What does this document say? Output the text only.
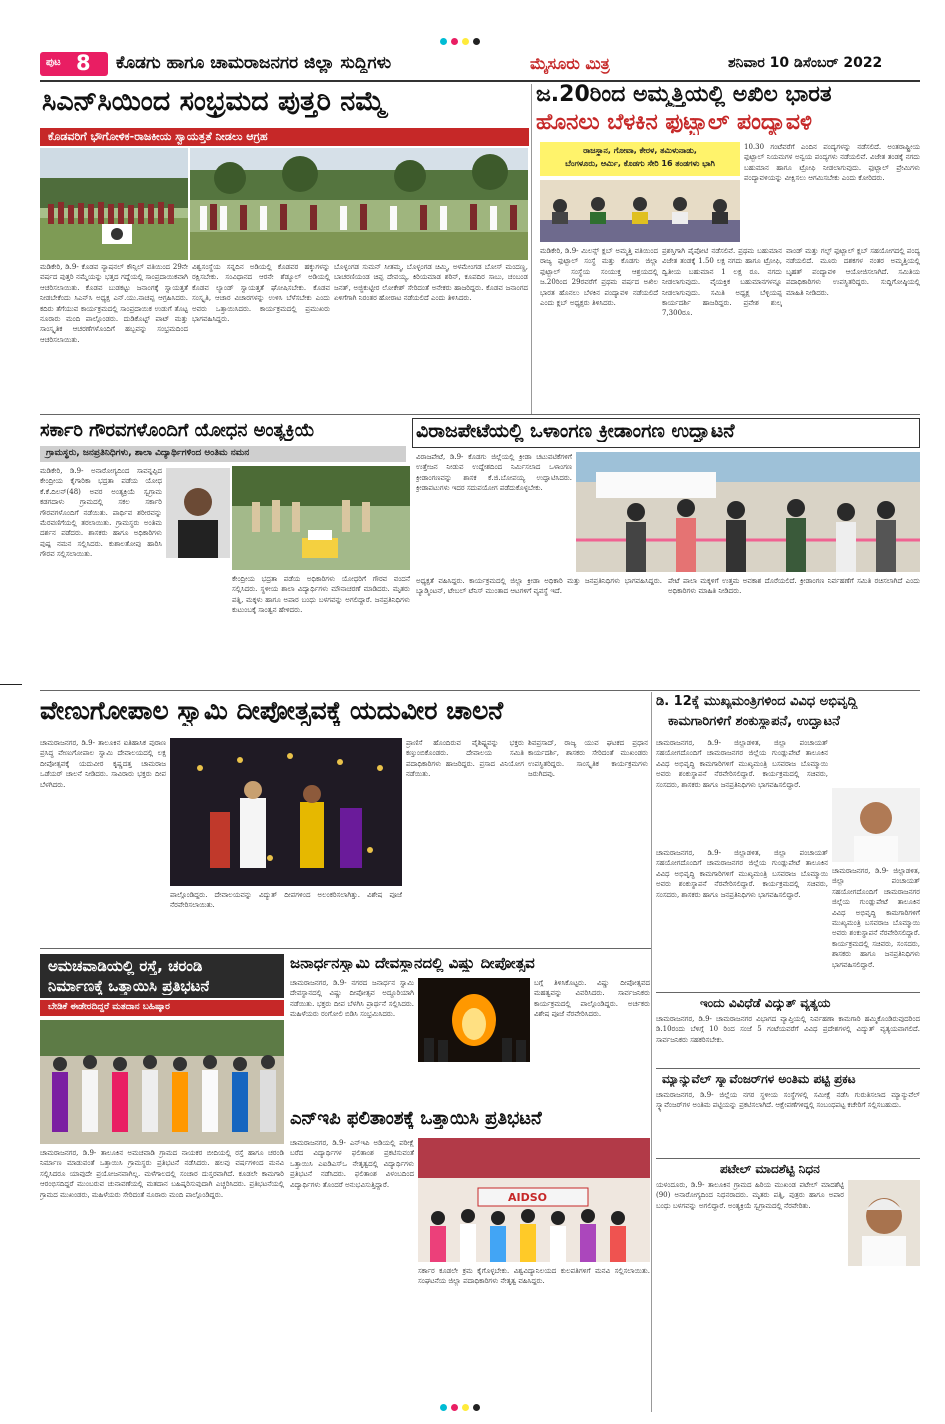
ಪುಟ 8 ಕೊಡಗು ಹಾಗೂ ಚಾಮರಾಜನಗರ ಜಿಲ್ಲಾ ಸುದ್ದಿಗಳು	ಮೈಸೂರು ಮಿತ್ರ	ಶನಿವಾರ 10 ಡಿಸೆಂಬರ್ 2022
ಸಿಎನ್‌ಸಿಯಿಂದ ಸಂಭ್ರಮದ ಪುತ್ತರಿ ನಮ್ಮೆ
ಕೊಡವರಿಗೆ ಭೌಗೋಳಿಕ-ರಾಜಕೀಯ ಸ್ವಾಯತ್ತತೆ ನೀಡಲು ಆಗ್ರಹ
ಮಡಿಕೇರಿ, ಡಿ.9- ಕೊಡವ ನ್ಯಾಷನಲ್ ಕೌನ್ಸಿಲ್ ವತಿಯಿಂದ 29ನೇ ವರ್ಷದ ಪುತ್ತರಿ ನಮ್ಮೆಯನ್ನು ಭತ್ತದ ಗದ್ದೆಯಲ್ಲಿ ಸಾಂಪ್ರದಾಯಿಕವಾಗಿ ಆಚರಿಸಲಾಯಿತು. ಕೊಡವ ಬುಡಕಟ್ಟು ಜನಾಂಗಕ್ಕೆ ಸ್ವಾಯತ್ತತೆ ನೀಡಬೇಕೆಂದು ಸಿಎನ್‌ಸಿ ಅಧ್ಯಕ್ಷ ಎನ್.ಯು.ನಾಚಪ್ಪ ಆಗ್ರಹಿಸಿದರು. ಕದಿರು ತೆಗೆಯುವ ಕಾರ್ಯಕ್ರಮದಲ್ಲಿ ಸಾಂಪ್ರದಾಯಿಕ ಉಡುಗೆ ತೊಟ್ಟ ನೂರಾರು ಮಂದಿ ಪಾಲ್ಗೊಂಡರು. ದುಡಿಕೊಟ್ಟ್ ಪಾಟ್ ಮತ್ತು ಸಾಂಸ್ಕೃತಿಕ ಆಚರಣೆಗಳೊಂದಿಗೆ ಹಬ್ಬವನ್ನು ಸಂಭ್ರಮದಿಂದ ಆಚರಿಸಲಾಯಿತು.
ವಿಶ್ವಸಂಸ್ಥೆಯ ಸನ್ನದಿನ ಅಡಿಯಲ್ಲಿ ಕೊಡವರ ಹಕ್ಕುಗಳನ್ನು ರಕ್ಷಿಸಬೇಕು. ಸಂವಿಧಾನದ ಆರನೇ ಶೆಡ್ಯೂಲ್ ಅಡಿಯಲ್ಲಿ ಕೊಡವ ಲ್ಯಾಂಡ್ ಸ್ವಾಯತ್ತತೆ ಘೋಷಿಸಬೇಕು. ಕೊಡವ ಸಂಸ್ಕೃತಿ, ಆಚಾರ ವಿಚಾರಗಳನ್ನು ಉಳಿಸಿ ಬೆಳೆಸಬೇಕು ಎಂದು ಅವರು ಒತ್ತಾಯಿಸಿದರು. ಕಾರ್ಯಕ್ರಮದಲ್ಲಿ ಪ್ರಮುಖರು ಭಾಗವಹಿಸಿದ್ದರು.
ಬೊಳ್ಳಂಗಡ ಸುಮನ್ ಸೀತಮ್ಮ, ಬೊಳ್ಳಂಗಡ ಚಿಮ್ಮಿ, ಅಳಮೇಂಗಡ ಬೋಸ್ ಮಂದಣ್ಣ, ಬಾಚರಣಿಯಂಡ ಚಿಪ್ಪ ದೇವಯ್ಯ, ಕಿರಿಯಮಾಡ ಶರಿನ್, ಕೂಪದಿರ ಸಾಬು, ಚಂಬಂಡ ಜನತ್, ಅಜ್ಜಿಕುಟ್ಟೀರ ಲೋಕೇಶ್ ಸೇರಿದಂತೆ ಅನೇಕರು ಹಾಜರಿದ್ದರು. ಕೊಡವ ಜನಾಂಗದ ಏಳಿಗೆಗಾಗಿ ನಿರಂತರ ಹೋರಾಟ ನಡೆಯಲಿದೆ ಎಂದು ತಿಳಿಸಿದರು.
ಜ.20ರಿಂದ ಅಮ್ಮತ್ತಿಯಲ್ಲಿ ಅಖಿಲ ಭಾರತ
ಹೊನಲು ಬೆಳಕಿನ ಫುಟ್ಬಾಲ್ ಪಂದ್ಯಾವಳಿ
ರಾಜಸ್ಥಾನ, ಗೋವಾ, ಕೇರಳ, ತಮಿಳುನಾಡು,
ಬೆಂಗಳೂರು, ಆರ್ಮಿ, ಕೊಡಗು ಸೇರಿ 16 ತಂಡಗಳು ಭಾಗಿ
10.30 ಗಂಟೆವರೆಗೆ ಎಂದಿನ ಪಂದ್ಯಗಳನ್ನು ನಡೆಸಲಿದೆ. ಅಂತರಾಷ್ಟ್ರೀಯ ಫುಟ್ಬಾಲ್ ನಿಯಮಗಳ ಅನ್ವಯ ಪಂದ್ಯಗಳು ನಡೆಯಲಿವೆ. ವಿಜೇತ ತಂಡಕ್ಕೆ ನಗದು ಬಹುಮಾನ ಹಾಗೂ ಟ್ರೋಫಿ ನೀಡಲಾಗುವುದು. ಫುಟ್ಬಾಲ್ ಪ್ರೇಮಿಗಳು ಪಂದ್ಯಾವಳಿಯನ್ನು ವೀಕ್ಷಿಸಲು ಆಗಮಿಸಬೇಕು ಎಂದು ಕೋರಿದರು.
ಮಡಿಕೇರಿ, ಡಿ.9- ಮಿಲನ್ಸ್ ಕ್ಲಬ್ ಅಮ್ಮತ್ತಿ ವತಿಯಿಂದ ರಾಜ್ಯ ಫುಟ್ಬಾಲ್ ಸಂಸ್ಥೆ ಮತ್ತು ಕೊಡಗು ಜಿಲ್ಲಾ ಫುಟ್ಬಾಲ್ ಸಂಸ್ಥೆಯ ಸಂಯುಕ್ತ ಆಶ್ರಯದಲ್ಲಿ ಜ.20ರಿಂದ 29ರವರೆಗೆ ಪ್ರಥಮ ವರ್ಷದ ಅಖಿಲ ಭಾರತ ಹೊನಲು ಬೆಳಕಿನ ಪಂದ್ಯಾವಳಿ ನಡೆಯಲಿದೆ ಎಂದು ಕ್ಲಬ್ ಅಧ್ಯಕ್ಷರು ತಿಳಿಸಿದರು.
ಪ್ರಶಸ್ತಿಗಾಗಿ ಪೈಪೋಟಿ ನಡೆಸಲಿವೆ. ಪ್ರಥಮ ಬಹುಮಾನ ವಿಜೇತ ತಂಡಕ್ಕೆ 1.50 ಲಕ್ಷ ನಗದು ಹಾಗೂ ಟ್ರೋಫಿ, ದ್ವಿತೀಯ ಬಹುಮಾನ 1 ಲಕ್ಷ ರೂ. ನಗದು ನೀಡಲಾಗುವುದು. ವೈಯಕ್ತಿಕ ಬಹುಮಾನಗಳನ್ನೂ ನೀಡಲಾಗುವುದು. ಸಮಿತಿ ಅಧ್ಯಕ್ಷ ಬೆಳ್ಳಿಯಪ್ಪ ಕಾರ್ಯದರ್ಶಿ ಹಾಜರಿದ್ದರು. ಪ್ರವೇಶ ಶುಲ್ಕ 7,300ರೂ.
ವಾಂಡ್ ಮತ್ತು ಗಲ್ಫ್ ಫುಟ್ಬಾಲ್ ಕ್ಲಬ್ ಸಹಯೋಗದಲ್ಲಿ ಪಂದ್ಯ ನಡೆಯಲಿದೆ. ಮೂರು ದಶಕಗಳ ನಂತರ ಅಮ್ಮತ್ತಿಯಲ್ಲಿ ಬೃಹತ್ ಪಂದ್ಯಾವಳಿ ಆಯೋಜಿಸಲಾಗಿದೆ. ಸಮಿತಿಯ ಪದಾಧಿಕಾರಿಗಳು ಉಪಸ್ಥಿತರಿದ್ದರು. ಸುದ್ದಿಗೋಷ್ಠಿಯಲ್ಲಿ ಮಾಹಿತಿ ನೀಡಿದರು.
ಸರ್ಕಾರಿ ಗೌರವಗಳೊಂದಿಗೆ ಯೋಧನ ಅಂತ್ಯಕ್ರಿಯೆ
ಗ್ರಾಮಸ್ಥರು, ಜನಪ್ರತಿನಿಧಿಗಳು, ಶಾಲಾ ವಿದ್ಯಾರ್ಥಿಗಳಿಂದ ಅಂತಿಮ ನಮನ
ಮಡಿಕೇರಿ, ಡಿ.9- ಅನಾರೋಗ್ಯದಿಂದ ಸಾವನ್ನಪ್ಪಿದ ಕೇಂದ್ರೀಯ ಕೈಗಾರಿಕಾ ಭದ್ರತಾ ಪಡೆಯ ಯೋಧ ಕೆ.ಕೆ.ದಿಲನ್(48) ಅವರ ಅಂತ್ಯಕ್ರಿಯೆ ಸ್ವಗ್ರಾಮ ಕಡಗದಾಳು ಗ್ರಾಮದಲ್ಲಿ ಸಕಲ ಸರ್ಕಾರಿ ಗೌರವಗಳೊಂದಿಗೆ ನಡೆಯಿತು. ಪಾರ್ಥಿವ ಶರೀರವನ್ನು ಮೆರವಣಿಗೆಯಲ್ಲಿ ತರಲಾಯಿತು. ಗ್ರಾಮಸ್ಥರು ಅಂತಿಮ ದರ್ಶನ ಪಡೆದರು. ಶಾಸಕರು ಹಾಗೂ ಅಧಿಕಾರಿಗಳು ಪುಷ್ಪ ನಮನ ಸಲ್ಲಿಸಿದರು. ಕುಶಾಲತೋಪು ಹಾರಿಸಿ ಗೌರವ ಸಲ್ಲಿಸಲಾಯಿತು.
ಕೇಂದ್ರೀಯ ಭದ್ರತಾ ಪಡೆಯ ಅಧಿಕಾರಿಗಳು ಯೋಧರಿಗೆ ಗೌರವ ವಂದನೆ ಸಲ್ಲಿಸಿದರು. ಸ್ಥಳೀಯ ಶಾಲಾ ವಿದ್ಯಾರ್ಥಿಗಳು ಮೌನಾಚರಣೆ ಮಾಡಿದರು. ಮೃತರು ಪತ್ನಿ, ಮಕ್ಕಳು ಹಾಗೂ ಅಪಾರ ಬಂಧು ಬಳಗವನ್ನು ಅಗಲಿದ್ದಾರೆ. ಜನಪ್ರತಿನಿಧಿಗಳು ಕುಟುಂಬಕ್ಕೆ ಸಾಂತ್ವನ ಹೇಳಿದರು.
ವಿರಾಜಪೇಟೆಯಲ್ಲಿ ಒಳಾಂಗಣ ಕ್ರೀಡಾಂಗಣ ಉದ್ಘಾಟನೆ
ವಿರಾಜಪೇಟೆ, ಡಿ.9- ಕೊಡಗು ಜಿಲ್ಲೆಯಲ್ಲಿ ಕ್ರೀಡಾ ಚಟುವಟಿಕೆಗಳಿಗೆ ಉತ್ತೇಜನ ನೀಡುವ ಉದ್ದೇಶದಿಂದ ನಿರ್ಮಿಸಲಾದ ಒಳಾಂಗಣ ಕ್ರೀಡಾಂಗಣವನ್ನು ಶಾಸಕ ಕೆ.ಜಿ.ಬೋಪಯ್ಯ ಉದ್ಘಾಟಿಸಿದರು. ಕ್ರೀಡಾಪಟುಗಳು ಇದರ ಸದುಪಯೋಗ ಪಡೆದುಕೊಳ್ಳಬೇಕು.
ಅಧ್ಯಕ್ಷತೆ ವಹಿಸಿದ್ದರು. ಕಾರ್ಯಕ್ರಮದಲ್ಲಿ ಜಿಲ್ಲಾ ಕ್ರೀಡಾ ಅಧಿಕಾರಿ ಮತ್ತು ಜನಪ್ರತಿನಿಧಿಗಳು ಭಾಗವಹಿಸಿದ್ದರು. ಬ್ಯಾಡ್ಮಿಂಟನ್, ಟೇಬಲ್ ಟೆನಿಸ್ ಮುಂತಾದ ಆಟಗಳಿಗೆ ವ್ಯವಸ್ಥೆ ಇದೆ.
ಪೇಟೆ ಪಾಲಾ ಮಕ್ಕಳಿಗೆ ಉತ್ತಮ ಅವಕಾಶ ದೊರೆಯಲಿದೆ. ಕ್ರೀಡಾಂಗಣ ನಿರ್ವಹಣೆಗೆ ಸಮಿತಿ ರಚಿಸಲಾಗಿದೆ ಎಂದು ಅಧಿಕಾರಿಗಳು ಮಾಹಿತಿ ನೀಡಿದರು.
ವೇಣುಗೋಪಾಲ ಸ್ವಾಮಿ ದೀಪೋತ್ಸವಕ್ಕೆ ಯದುವೀರ ಚಾಲನೆ
ಚಾಮರಾಜನಗರ, ಡಿ.9- ತಾಲೂಕಿನ ಐತಿಹಾಸಿಕ ಪುರಾಣ ಪ್ರಸಿದ್ಧ ವೇಣುಗೋಪಾಲ ಸ್ವಾಮಿ ದೇವಾಲಯದಲ್ಲಿ ಲಕ್ಷ ದೀಪೋತ್ಸವಕ್ಕೆ ಯದುವೀರ ಕೃಷ್ಣದತ್ತ ಚಾಮರಾಜ ಒಡೆಯರ್ ಚಾಲನೆ ನೀಡಿದರು. ಸಾವಿರಾರು ಭಕ್ತರು ದೀಪ ಬೆಳಗಿದರು.
ಪಾಲ್ಗೊಂಡಿದ್ದರು. ದೇವಾಲಯವನ್ನು ವಿದ್ಯುತ್ ದೀಪಗಳಿಂದ ಅಲಂಕರಿಸಲಾಗಿತ್ತು. ವಿಶೇಷ ಪೂಜೆ ನೆರವೇರಿಸಲಾಯಿತು.
ಪ್ರಾಣಿಸೆ ಹೊಂದಿರುವ ವೈಶಿಷ್ಟ್ಯವನ್ನು ಭಕ್ತರು ಕಣ್ತುಂಬಿಕೊಂಡರು. ದೇವಾಲಯ ಸಮಿತಿ ಪದಾಧಿಕಾರಿಗಳು ಹಾಜರಿದ್ದರು. ಪ್ರಸಾದ ವಿನಿಯೋಗ ನಡೆಯಿತು.
ಶಿವಪ್ರಸಾದ್, ರಾಜ್ಯ ಯುವ ಘಟಕದ ಪ್ರಧಾನ ಕಾರ್ಯದರ್ಶಿ, ಶಾಸಕರು ಸೇರಿದಂತೆ ಮುಖಂಡರು ಉಪಸ್ಥಿತರಿದ್ದರು. ಸಾಂಸ್ಕೃತಿಕ ಕಾರ್ಯಕ್ರಮಗಳು ಜರುಗಿದವು.
ಡಿ. 12ಕ್ಕೆ ಮುಖ್ಯಮಂತ್ರಿಗಳಿಂದ ವಿವಿಧ ಅಭಿವೃದ್ಧಿ
ಕಾಮಗಾರಿಗಳಿಗೆ ಶಂಕುಸ್ಥಾಪನೆ, ಉದ್ಘಾಟನೆ
ಚಾಮರಾಜನಗರ, ಡಿ.9- ಜಿಲ್ಲಾಡಳಿತ, ಜಿಲ್ಲಾ ಪಂಚಾಯತ್ ಸಹಯೋಗದೊಂದಿಗೆ ಚಾಮರಾಜನಗರ ಜಿಲ್ಲೆಯ ಗುಂಡ್ಲುಪೇಟೆ ತಾಲೂಕಿನ ವಿವಿಧ ಅಭಿವೃದ್ಧಿ ಕಾಮಗಾರಿಗಳಿಗೆ ಮುಖ್ಯಮಂತ್ರಿ ಬಸವರಾಜ ಬೊಮ್ಮಾಯಿ ಅವರು ಶಂಕುಸ್ಥಾಪನೆ ನೆರವೇರಿಸಲಿದ್ದಾರೆ. ಕಾರ್ಯಕ್ರಮದಲ್ಲಿ ಸಚಿವರು, ಸಂಸದರು, ಶಾಸಕರು ಹಾಗೂ ಜನಪ್ರತಿನಿಧಿಗಳು ಭಾಗವಹಿಸಲಿದ್ದಾರೆ.
ಚಾಮರಾಜನಗರ, ಡಿ.9- ಜಿಲ್ಲಾಡಳಿತ, ಜಿಲ್ಲಾ ಪಂಚಾಯತ್ ಸಹಯೋಗದೊಂದಿಗೆ ಚಾಮರಾಜನಗರ ಜಿಲ್ಲೆಯ ಗುಂಡ್ಲುಪೇಟೆ ತಾಲೂಕಿನ ವಿವಿಧ ಅಭಿವೃದ್ಧಿ ಕಾಮಗಾರಿಗಳಿಗೆ ಮುಖ್ಯಮಂತ್ರಿ ಬಸವರಾಜ ಬೊಮ್ಮಾಯಿ ಅವರು ಶಂಕುಸ್ಥಾಪನೆ ನೆರವೇರಿಸಲಿದ್ದಾರೆ. ಕಾರ್ಯಕ್ರಮದಲ್ಲಿ ಸಚಿವರು, ಸಂಸದರು, ಶಾಸಕರು ಹಾಗೂ ಜನಪ್ರತಿನಿಧಿಗಳು ಭಾಗವಹಿಸಲಿದ್ದಾರೆ.
ಚಾಮರಾಜನಗರ, ಡಿ.9- ಜಿಲ್ಲಾಡಳಿತ, ಜಿಲ್ಲಾ ಪಂಚಾಯತ್ ಸಹಯೋಗದೊಂದಿಗೆ ಚಾಮರಾಜನಗರ ಜಿಲ್ಲೆಯ ಗುಂಡ್ಲುಪೇಟೆ ತಾಲೂಕಿನ ವಿವಿಧ ಅಭಿವೃದ್ಧಿ ಕಾಮಗಾರಿಗಳಿಗೆ ಮುಖ್ಯಮಂತ್ರಿ ಬಸವರಾಜ ಬೊಮ್ಮಾಯಿ ಅವರು ಶಂಕುಸ್ಥಾಪನೆ ನೆರವೇರಿಸಲಿದ್ದಾರೆ. ಕಾರ್ಯಕ್ರಮದಲ್ಲಿ ಸಚಿವರು, ಸಂಸದರು, ಶಾಸಕರು ಹಾಗೂ ಜನಪ್ರತಿನಿಧಿಗಳು ಭಾಗವಹಿಸಲಿದ್ದಾರೆ.
ಅಮಚವಾಡಿಯಲ್ಲಿ ರಸ್ತೆ, ಚರಂಡಿ
ನಿರ್ಮಾಣಕ್ಕೆ ಒತ್ತಾಯಿಸಿ ಪ್ರತಿಭಟನೆ
ಬೇಡಿಕೆ ಈಡೇರದಿದ್ದರೆ ಮತದಾನ ಬಹಿಷ್ಕಾರ
ಚಾಮರಾಜನಗರ, ಡಿ.9- ತಾಲೂಕಿನ ಅಮಚವಾಡಿ ಗ್ರಾಮದ ನಾಯಕರ ಬೀದಿಯಲ್ಲಿ ರಸ್ತೆ ಹಾಗೂ ಚರಂಡಿ ನಿರ್ಮಾಣ ಮಾಡುವಂತೆ ಒತ್ತಾಯಿಸಿ ಗ್ರಾಮಸ್ಥರು ಪ್ರತಿಭಟನೆ ನಡೆಸಿದರು. ಹಲವು ವರ್ಷಗಳಿಂದ ಮನವಿ ಸಲ್ಲಿಸಿದರೂ ಯಾವುದೇ ಪ್ರಯೋಜನವಾಗಿಲ್ಲ. ಮಳೆಗಾಲದಲ್ಲಿ ಸಂಚಾರ ದುಸ್ತರವಾಗಿದೆ. ಕೂಡಲೇ ಕಾಮಗಾರಿ ಆರಂಭಿಸದಿದ್ದರೆ ಮುಂಬರುವ ಚುನಾವಣೆಯಲ್ಲಿ ಮತದಾನ ಬಹಿಷ್ಕರಿಸುವುದಾಗಿ ಎಚ್ಚರಿಸಿದರು. ಪ್ರತಿಭಟನೆಯಲ್ಲಿ ಗ್ರಾಮದ ಮುಖಂಡರು, ಮಹಿಳೆಯರು ಸೇರಿದಂತೆ ನೂರಾರು ಮಂದಿ ಪಾಲ್ಗೊಂಡಿದ್ದರು.
ಜನಾರ್ಧನಸ್ವಾಮಿ ದೇವಸ್ಥಾನದಲ್ಲಿ ವಿಷ್ಣು ದೀಪೋತ್ಸವ
ಚಾಮರಾಜನಗರ, ಡಿ.9- ನಗರದ ಜನಾರ್ಧನ ಸ್ವಾಮಿ ದೇವಸ್ಥಾನದಲ್ಲಿ ವಿಷ್ಣು ದೀಪೋತ್ಸವ ಅದ್ದೂರಿಯಾಗಿ ನಡೆಯಿತು. ಭಕ್ತರು ದೀಪ ಬೆಳಗಿಸಿ ಪ್ರಾರ್ಥನೆ ಸಲ್ಲಿಸಿದರು. ಮಹಿಳೆಯರು ರಂಗೋಲಿ ಬಿಡಿಸಿ ಸಂಭ್ರಮಿಸಿದರು.
ಬಗ್ಗೆ ತಿಳಿಸಿಕೊಟ್ಟರು. ವಿಷ್ಣು ದೀಪೋತ್ಸವದ ಮಹತ್ವವನ್ನು ವಿವರಿಸಿದರು. ಸಾರ್ವಜನಿಕರು ಕಾರ್ಯಕ್ರಮದಲ್ಲಿ ಪಾಲ್ಗೊಂಡಿದ್ದರು. ಅರ್ಚಕರು ವಿಶೇಷ ಪೂಜೆ ನೆರವೇರಿಸಿದರು.
ಎನ್‌ಇಪಿ ಫಲಿತಾಂಶಕ್ಕೆ ಒತ್ತಾಯಿಸಿ ಪ್ರತಿಭಟನೆ
ಚಾಮರಾಜನಗರ, ಡಿ.9- ಎನ್‌ಇಪಿ ಅಡಿಯಲ್ಲಿ ಪರೀಕ್ಷೆ ಬರೆದ ವಿದ್ಯಾರ್ಥಿಗಳ ಫಲಿತಾಂಶ ಪ್ರಕಟಿಸುವಂತೆ ಒತ್ತಾಯಿಸಿ ಎಐಡಿಎಸ್‌ಒ ನೇತೃತ್ವದಲ್ಲಿ ವಿದ್ಯಾರ್ಥಿಗಳು ಪ್ರತಿಭಟನೆ ನಡೆಸಿದರು. ಫಲಿತಾಂಶ ವಿಳಂಬದಿಂದ ವಿದ್ಯಾರ್ಥಿಗಳು ತೊಂದರೆ ಅನುಭವಿಸುತ್ತಿದ್ದಾರೆ.
AIDSO
ಸರ್ಕಾರ ಕೂಡಲೇ ಕ್ರಮ ಕೈಗೊಳ್ಳಬೇಕು. ವಿಶ್ವವಿದ್ಯಾನಿಲಯದ ಕುಲಪತಿಗಳಿಗೆ ಮನವಿ ಸಲ್ಲಿಸಲಾಯಿತು. ಸಂಘಟನೆಯ ಜಿಲ್ಲಾ ಪದಾಧಿಕಾರಿಗಳು ನೇತೃತ್ವ ವಹಿಸಿದ್ದರು.
ಇಂದು ವಿವಿಧೆಡೆ ವಿದ್ಯುತ್ ವ್ಯತ್ಯಯ
ಚಾಮರಾಜನಗರ, ಡಿ.9- ಚಾಮರಾಜನಗರ ವಿಭಾಗದ ವ್ಯಾಪ್ತಿಯಲ್ಲಿ ನಿರ್ವಹಣಾ ಕಾಮಗಾರಿ ಹಮ್ಮಿಕೊಂಡಿರುವುದರಿಂದ ಡಿ.10ರಂದು ಬೆಳಿಗ್ಗೆ 10 ರಿಂದ ಸಂಜೆ 5 ಗಂಟೆಯವರೆಗೆ ವಿವಿಧ ಪ್ರದೇಶಗಳಲ್ಲಿ ವಿದ್ಯುತ್ ವ್ಯತ್ಯಯವಾಗಲಿದೆ. ಸಾರ್ವಜನಿಕರು ಸಹಕರಿಸಬೇಕು.
ಮ್ಯಾನ್ಯುವೆಲ್ ಸ್ಕ್ಯಾವೆಂಜರ್‌ಗಳ ಅಂತಿಮ ಪಟ್ಟಿ ಪ್ರಕಟ
ಚಾಮರಾಜನಗರ, ಡಿ.9- ಜಿಲ್ಲೆಯ ನಗರ ಸ್ಥಳೀಯ ಸಂಸ್ಥೆಗಳಲ್ಲಿ ಸಮೀಕ್ಷೆ ನಡೆಸಿ ಗುರುತಿಸಲಾದ ಮ್ಯಾನ್ಯುವೆಲ್ ಸ್ಕ್ಯಾವೆಂಜರ್‌ಗಳ ಅಂತಿಮ ಪಟ್ಟಿಯನ್ನು ಪ್ರಕಟಿಸಲಾಗಿದೆ. ಆಕ್ಷೇಪಣೆಗಳಿದ್ದಲ್ಲಿ ಸಂಬಂಧಪಟ್ಟ ಕಚೇರಿಗೆ ಸಲ್ಲಿಸಬಹುದು.
ಪಟೇಲ್ ಮಾದಶೆಟ್ಟಿ ನಿಧನ
ಯಳಂದೂರು, ಡಿ.9- ತಾಲೂಕಿನ ಗ್ರಾಮದ ಹಿರಿಯ ಮುಖಂಡ ಪಟೇಲ್ ಮಾದಶೆಟ್ಟಿ (90) ಅನಾರೋಗ್ಯದಿಂದ ನಿಧನರಾದರು. ಮೃತರು ಪತ್ನಿ, ಪುತ್ರರು ಹಾಗೂ ಅಪಾರ ಬಂಧು ಬಳಗವನ್ನು ಅಗಲಿದ್ದಾರೆ. ಅಂತ್ಯಕ್ರಿಯೆ ಸ್ವಗ್ರಾಮದಲ್ಲಿ ನೆರವೇರಿತು.
